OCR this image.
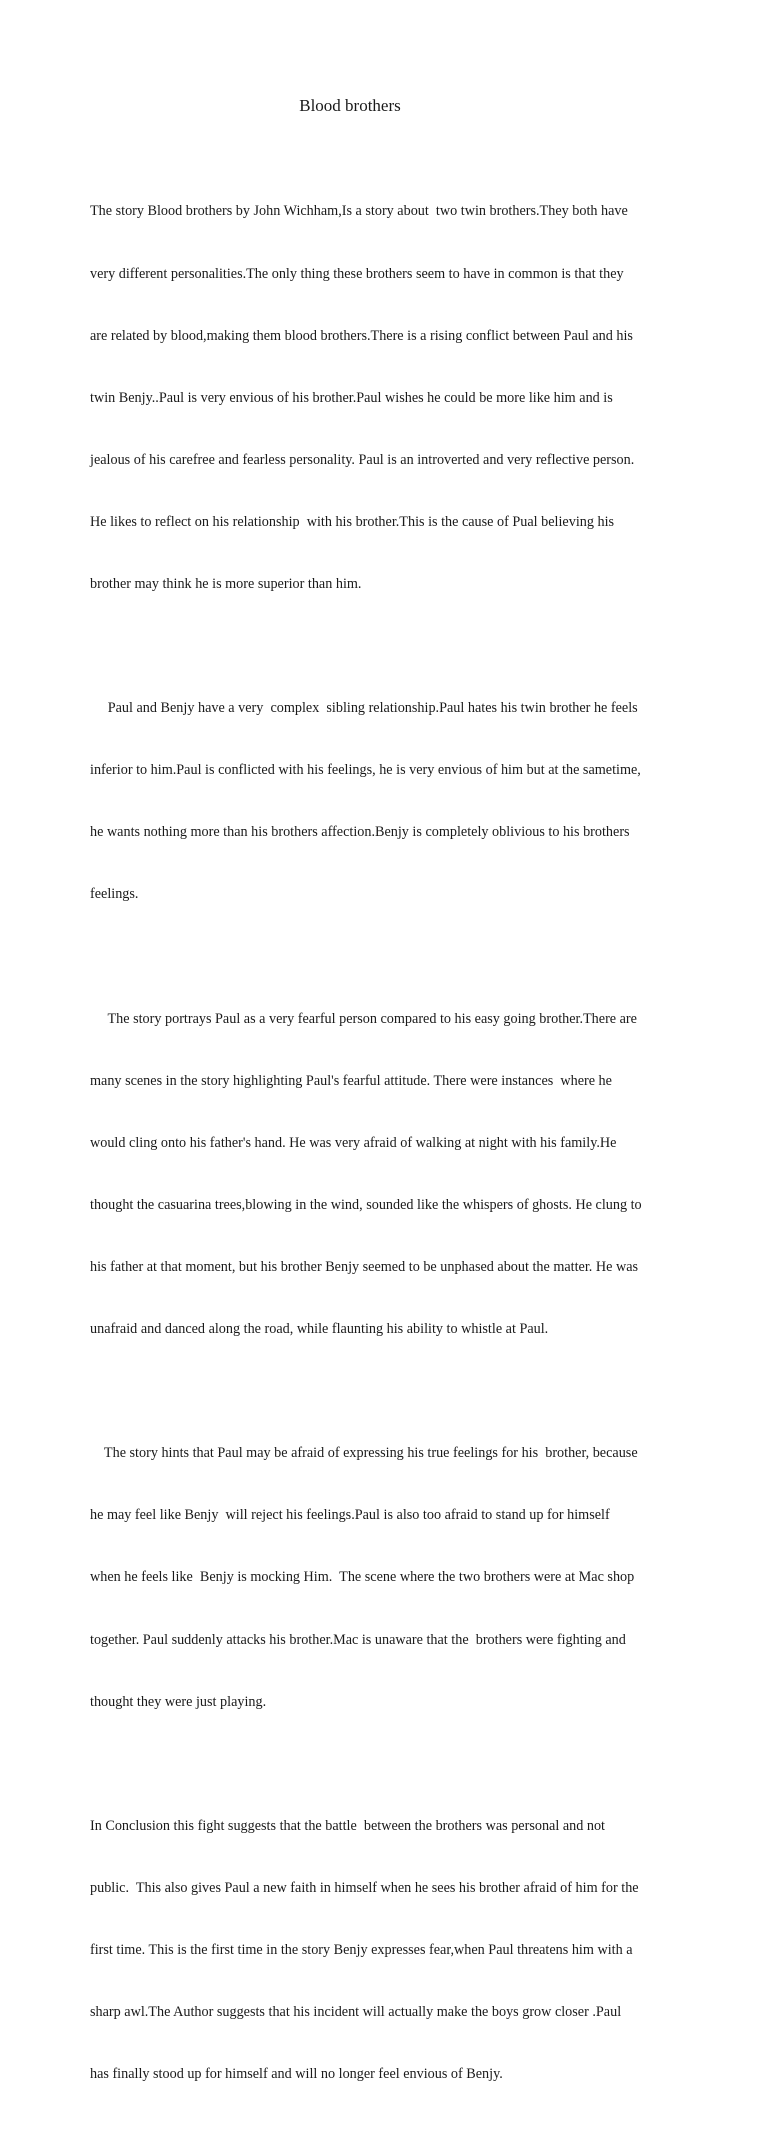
Blood brothers

The story Blood brothers by John Wichham,Is a story about  two twin brothers.They both have

very different personalities.The only thing these brothers seem to have in common is that they

are related by blood,making them blood brothers.There is a rising conflict between Paul and his

twin Benjy..Paul is very envious of his brother.Paul wishes he could be more like him and is

jealous of his carefree and fearless personality. Paul is an introverted and very reflective person.

He likes to reflect on his relationship  with his brother.This is the cause of Pual believing his

brother may think he is more superior than him.

Paul and Benjy have a very  complex  sibling relationship.Paul hates his twin brother he feels

inferior to him.Paul is conflicted with his feelings, he is very envious of him but at the sametime,

he wants nothing more than his brothers affection.Benjy is completely oblivious to his brothers

feelings.

The story portrays Paul as a very fearful person compared to his easy going brother.There are

many scenes in the story highlighting Paul's fearful attitude. There were instances  where he

would cling onto his father's hand. He was very afraid of walking at night with his family.He

thought the casuarina trees,blowing in the wind, sounded like the whispers of ghosts. He clung to

his father at that moment, but his brother Benjy seemed to be unphased about the matter. He was

unafraid and danced along the road, while flaunting his ability to whistle at Paul.

The story hints that Paul may be afraid of expressing his true feelings for his  brother, because

he may feel like Benjy  will reject his feelings.Paul is also too afraid to stand up for himself

when he feels like  Benjy is mocking Him.  The scene where the two brothers were at Mac shop

together. Paul suddenly attacks his brother.Mac is unaware that the  brothers were fighting and

thought they were just playing.

In Conclusion this fight suggests that the battle  between the brothers was personal and not

public.  This also gives Paul a new faith in himself when he sees his brother afraid of him for the

first time. This is the first time in the story Benjy expresses fear,when Paul threatens him with a

sharp awl.The Author suggests that his incident will actually make the boys grow closer .Paul

has finally stood up for himself and will no longer feel envious of Benjy.
